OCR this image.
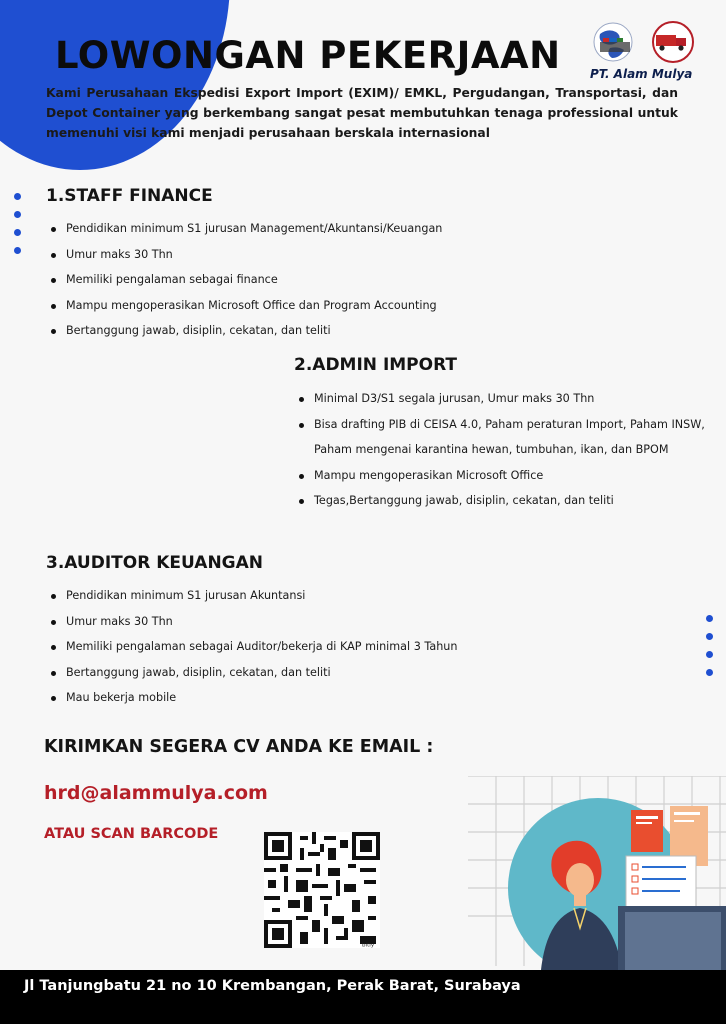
LOWONGAN PEKERJAAN PT. Alam Mulya

Kami Perusahaan Ekspedisi Export Import (EXIM)/ EMKL, Pergudangan, Transportasi, dan Depot Container yang berkembang sangat pesat membutuhkan tenaga professional untuk memenuhi visi kami menjadi perusahaan berskala internasional

1.STAFF FINANCE
Pendidikan minimum S1 jurusan Management/Akuntansi/Keuangan
Umur maks 30 Thn
Memiliki pengalaman sebagai finance
Mampu mengoperasikan Microsoft Office dan Program Accounting
Bertanggung jawab, disiplin, cekatan, dan teliti
2.ADMIN IMPORT
Minimal D3/S1 segala jurusan, Umur maks 30 Thn
Bisa drafting PIB di CEISA 4.0, Paham peraturan Import, Paham INSW, Paham mengenai karantina hewan, tumbuhan, ikan, dan BPOM
Mampu mengoperasikan Microsoft Office
Tegas,Bertanggung jawab, disiplin, cekatan, dan teliti
3.AUDITOR KEUANGAN
Pendidikan minimum S1 jurusan Akuntansi
Umur maks 30 Thn
Memiliki pengalaman sebagai Auditor/bekerja di KAP minimal 3 Tahun
Bertanggung jawab, disiplin, cekatan, dan teliti
Mau bekerja mobile
KIRIMKAN SEGERA CV ANDA KE EMAIL :
hrd@alammulya.com
ATAU SCAN BARCODE
bitly
Jl Tanjungbatu 21 no 10 Krembangan, Perak Barat, Surabaya
